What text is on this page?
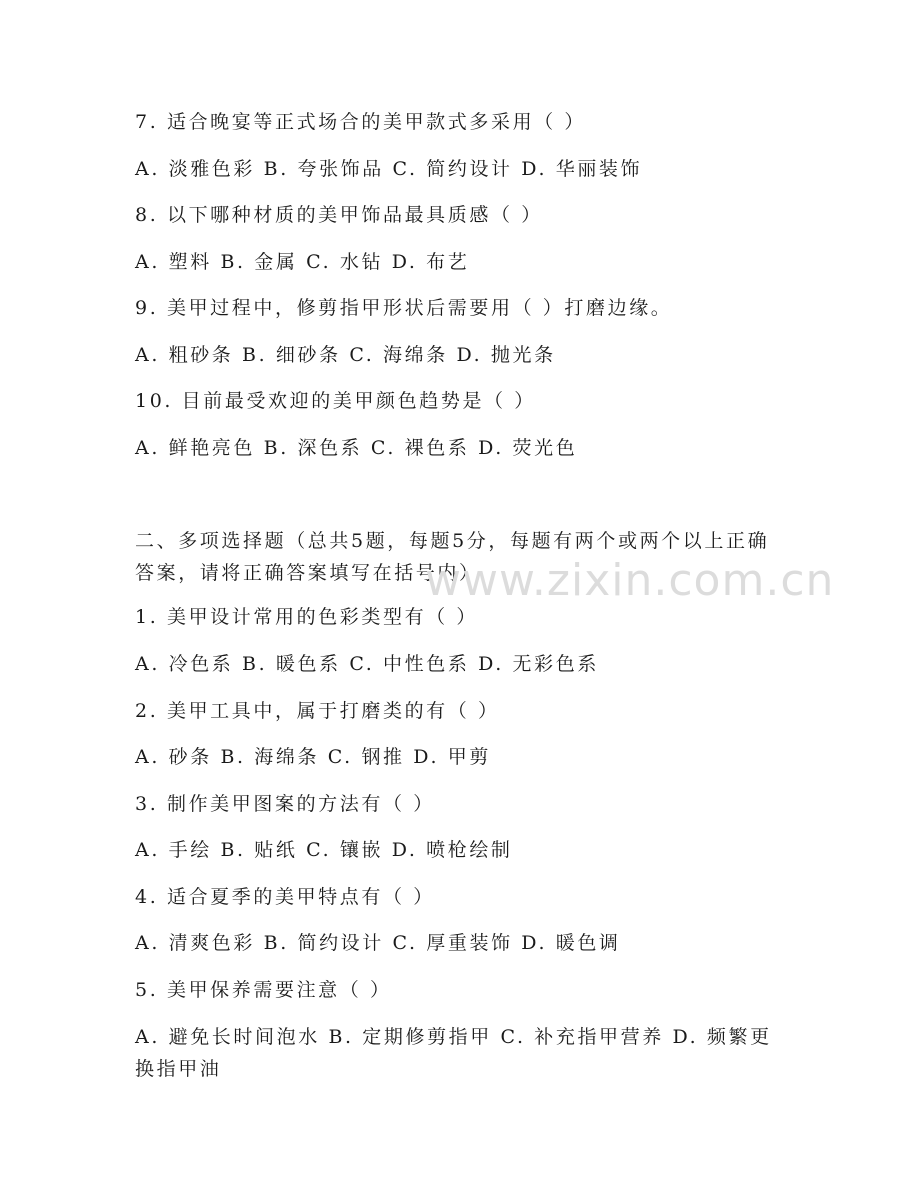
7. 适合晚宴等正式场合的美甲款式多采用（ ）
A. 淡雅色彩 B. 夸张饰品 C. 简约设计 D. 华丽装饰
8. 以下哪种材质的美甲饰品最具质感（ ）
A. 塑料 B. 金属 C. 水钻 D. 布艺
9. 美甲过程中，修剪指甲形状后需要用（ ）打磨边缘。
A. 粗砂条 B. 细砂条 C. 海绵条 D. 抛光条
10. 目前最受欢迎的美甲颜色趋势是（ ）
A. 鲜艳亮色 B. 深色系 C. 裸色系 D. 荧光色
二、多项选择题（总共5题，每题5分，每题有两个或两个以上正确答案，请将正确答案填写在括号内）
1. 美甲设计常用的色彩类型有（ ）
A. 冷色系 B. 暖色系 C. 中性色系 D. 无彩色系
2. 美甲工具中，属于打磨类的有（ ）
A. 砂条 B. 海绵条 C. 钢推 D. 甲剪
3. 制作美甲图案的方法有（ ）
A. 手绘 B. 贴纸 C. 镶嵌 D. 喷枪绘制
4. 适合夏季的美甲特点有（ ）
A. 清爽色彩 B. 简约设计 C. 厚重装饰 D. 暖色调
5. 美甲保养需要注意（ ）
A. 避免长时间泡水 B. 定期修剪指甲 C. 补充指甲营养 D. 频繁更换指甲油
www.zixin.com.cn
